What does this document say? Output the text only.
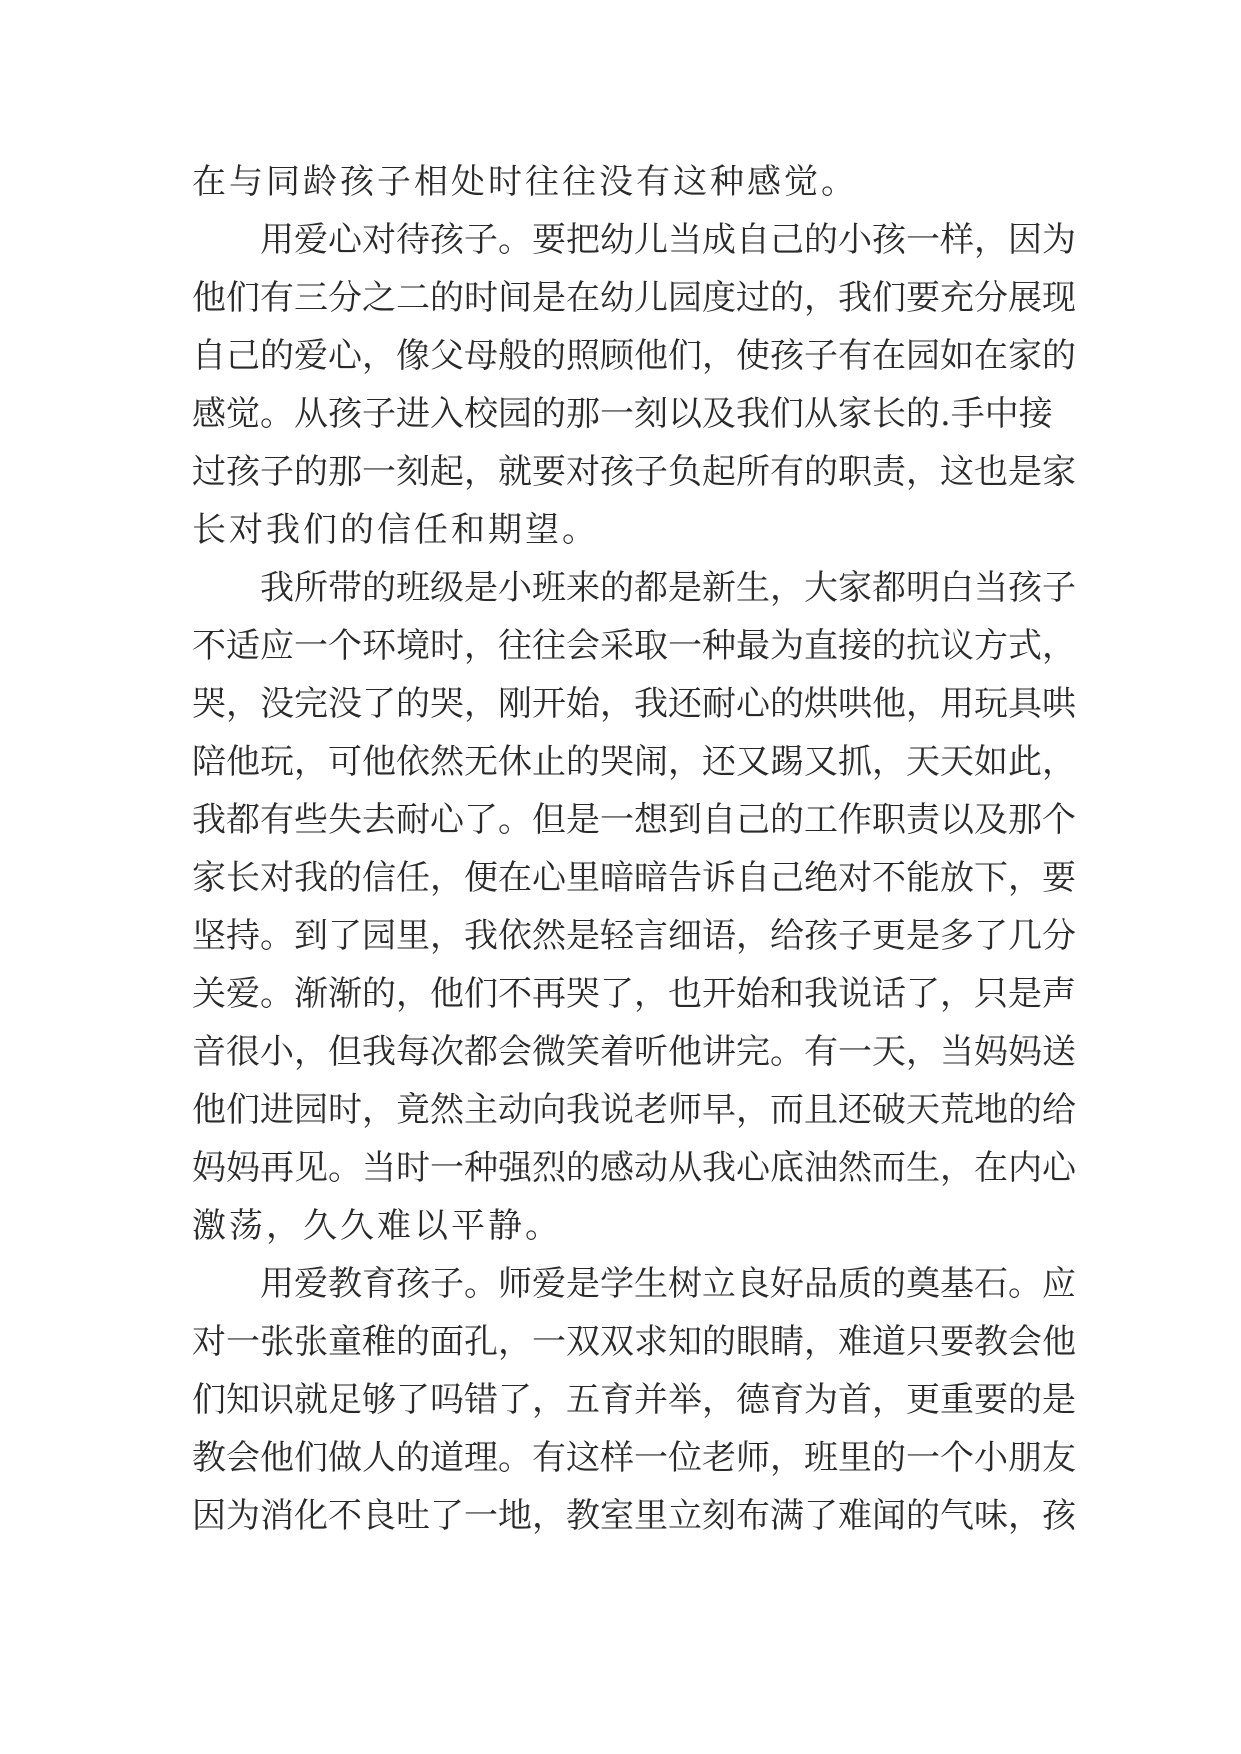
在与同龄孩子相处时往往没有这种感觉。
用爱心对待孩子。要把幼儿当成自己的小孩一样，因为
他们有三分之二的时间是在幼儿园度过的，我们要充分展现
自己的爱心，像父母般的照顾他们，使孩子有在园如在家的
感觉。从孩子进入校园的那一刻以及我们从家长的.手中接
过孩子的那一刻起，就要对孩子负起所有的职责，这也是家
长对我们的信任和期望。
我所带的班级是小班来的都是新生，大家都明白当孩子
不适应一个环境时，往往会采取一种最为直接的抗议方式，
哭，没完没了的哭，刚开始，我还耐心的烘哄他，用玩具哄
陪他玩，可他依然无休止的哭闹，还又踢又抓，天天如此，
我都有些失去耐心了。但是一想到自己的工作职责以及那个
家长对我的信任，便在心里暗暗告诉自己绝对不能放下，要
坚持。到了园里，我依然是轻言细语，给孩子更是多了几分
关爱。渐渐的，他们不再哭了，也开始和我说话了，只是声
音很小，但我每次都会微笑着听他讲完。有一天，当妈妈送
他们进园时，竟然主动向我说老师早，而且还破天荒地的给
妈妈再见。当时一种强烈的感动从我心底油然而生，在内心
激荡，久久难以平静。
用爱教育孩子。师爱是学生树立良好品质的奠基石。应
对一张张童稚的面孔，一双双求知的眼睛，难道只要教会他
们知识就足够了吗错了，五育并举，德育为首，更重要的是
教会他们做人的道理。有这样一位老师，班里的一个小朋友
因为消化不良吐了一地，教室里立刻布满了难闻的气味，孩
